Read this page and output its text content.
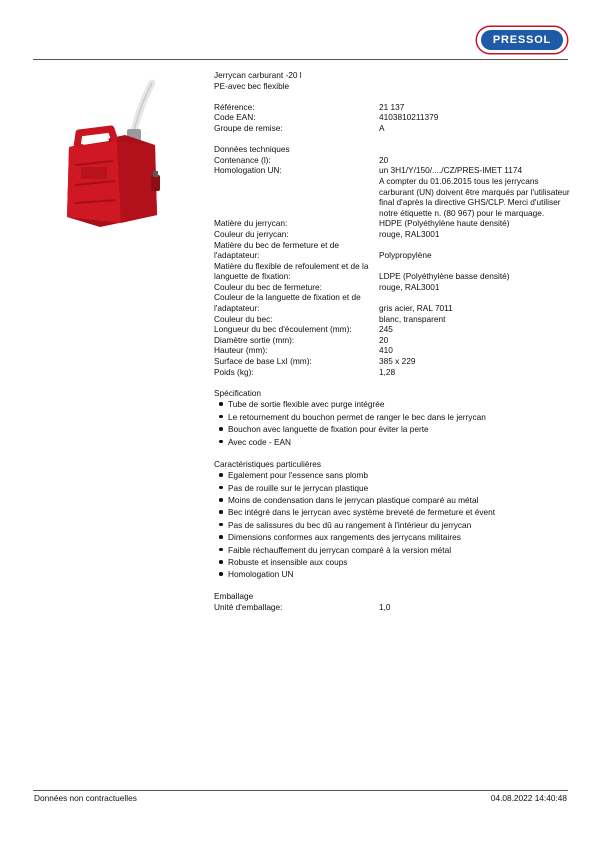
PRESSOL
Jerrycan carburant -20 l
PE-avec bec flexible
Référence:	21 137
Code EAN:	4103810211379
Groupe de remise:	A
Données techniques
Contenance (l):	20
Homologation UN:	un 3H1/Y/150/..../CZ/PRES-IMET 1174
A compter du 01.06.2015 tous les jerrycans carburant (UN) doivent être marqués par l'utilisateur final d'après la directive GHS/CLP. Merci d'utiliser notre étiquette n. (80 967) pour le marquage.
Matière du jerrycan:	HDPE (Polyéthylène haute densité)
Couleur du jerrycan:	rouge, RAL3001
Matière du bec de fermeture et de l'adaptateur:	Polypropylène
Matière du flexible de refoulement et de la languette de fixation:	LDPE (Polyéthylène basse densité)
Couleur du bec de fermeture:	rouge, RAL3001
Couleur de la languette de fixation et de l'adaptateur:	gris acier, RAL 7011
Couleur du bec:	blanc, transparent
Longueur du bec d'écoulement (mm):	245
Diamètre sortie (mm):	20
Hauteur (mm):	410
Surface de base LxI (mm):	385 x 229
Poids (kg):	1,28
Spécification
Tube de sortie flexible avec purge intégrée
Le retournement du bouchon permet de ranger le bec dans le jerrycan
Bouchon avec languette de fixation pour éviter la perte
Avec code - EAN
Caractéristiques particulières
Egalement pour l'essence sans plomb
Pas de rouille sur le jerrycan plastique
Moins de condensation dans le jerrycan plastique comparé au métal
Bec intégré dans le jerrycan avec système breveté de fermeture et évent
Pas de salissures du bec dû au rangement à l'intérieur du jerrycan
Dimensions conformes aux rangements des jerrycans militaires
Faible réchauffement du jerrycan comparé à la version métal
Robuste et insensible aux coups
Homologation UN
Emballage
Unité d'emballage:	1,0
Données non contractuelles	04.08.2022 14:40:48
